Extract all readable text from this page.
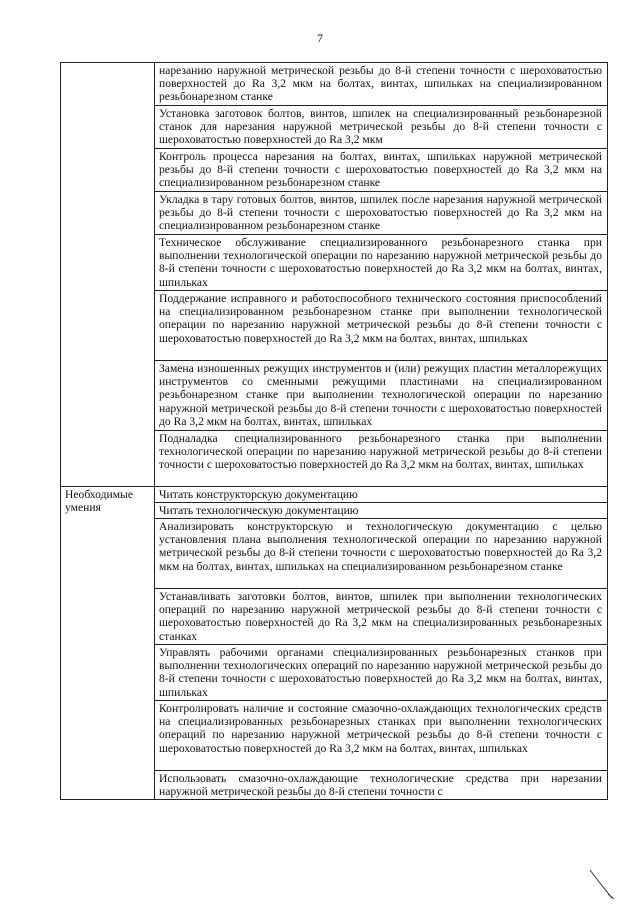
7
	нарезанию наружной метрической резьбы до 8-й степени точности с шероховатостью поверхностей до Ra 3,2 мкм на болтах, винтах, шпильках на специализированном резьбонарезном станке
	Установка заготовок болтов, винтов, шпилек на специализированный резьбонарезной станок для нарезания наружной метрической резьбы до 8-й степени точности с шероховатостью поверхностей до Ra 3,2 мкм
	Контроль процесса нарезания на болтах, винтах, шпильках наружной метрической резьбы до 8-й степени точности с шероховатостью поверхностей до Ra 3,2 мкм на специализированном резьбонарезном станке
	Укладка в тару готовых болтов, винтов, шпилек после нарезания наружной метрической резьбы до 8-й степени точности с шероховатостью поверхностей до Ra 3,2 мкм на специализированном резьбонарезном станке
	Техническое обслуживание специализированного резьбонарезного станка при выполнении технологической операции по нарезанию наружной метрической резьбы до 8-й степени точности с шероховатостью поверхностей до Ra 3,2 мкм на болтах, винтах, шпильках
	Поддержание исправного и работоспособного технического состояния приспособлений на специализированном резьбонарезном станке при выполнении технологической операции по нарезанию наружной метрической резьбы до 8-й степени точности с шероховатостью поверхностей до Ra 3,2 мкм на болтах, винтах, шпильках
	Замена изношенных режущих инструментов и (или) режущих пластин металлорежущих инструментов со сменными режущими пластинами на специализированном резьбонарезном станке при выполнении технологической операции по нарезанию наружной метрической резьбы до 8-й степени точности с шероховатостью поверхностей до Ra 3,2 мкм на болтах, винтах, шпильках
	Подналадка специализированного резьбонарезного станка при выполнении технологической операции по нарезанию наружной метрической резьбы до 8-й степени точности с шероховатостью поверхностей до Ra 3,2 мкм на болтах, винтах, шпильках
Необходимые умения	Читать конструкторскую документацию
	Читать технологическую документацию
	Анализировать конструкторскую и технологическую документацию с целью установления плана выполнения технологической операции по нарезанию наружной метрической резьбы до 8-й степени точности с шероховатостью поверхностей до Ra 3,2 мкм на болтах, винтах, шпильках на специализированном резьбонарезном станке
	Устанавливать заготовки болтов, винтов, шпилек при выполнении технологических операций по нарезанию наружной метрической резьбы до 8-й степени точности с шероховатостью поверхностей до Ra 3,2 мкм на специализированных резьбонарезных станках
	Управлять рабочими органами специализированных резьбонарезных станков при выполнении технологических операций по нарезанию наружной метрической резьбы до 8-й степени точности с шероховатостью поверхностей до Ra 3,2 мкм на болтах, винтах, шпильках
	Контролировать наличие и состояние смазочно-охлаждающих технологических средств на специализированных резьбонарезных станках при выполнении технологических операций по нарезанию наружной метрической резьбы до 8-й степени точности с шероховатостью поверхностей до Ra 3,2 мкм на болтах, винтах, шпильках
	Использовать смазочно-охлаждающие технологические средства при нарезании наружной метрической резьбы до 8-й степени точности с
